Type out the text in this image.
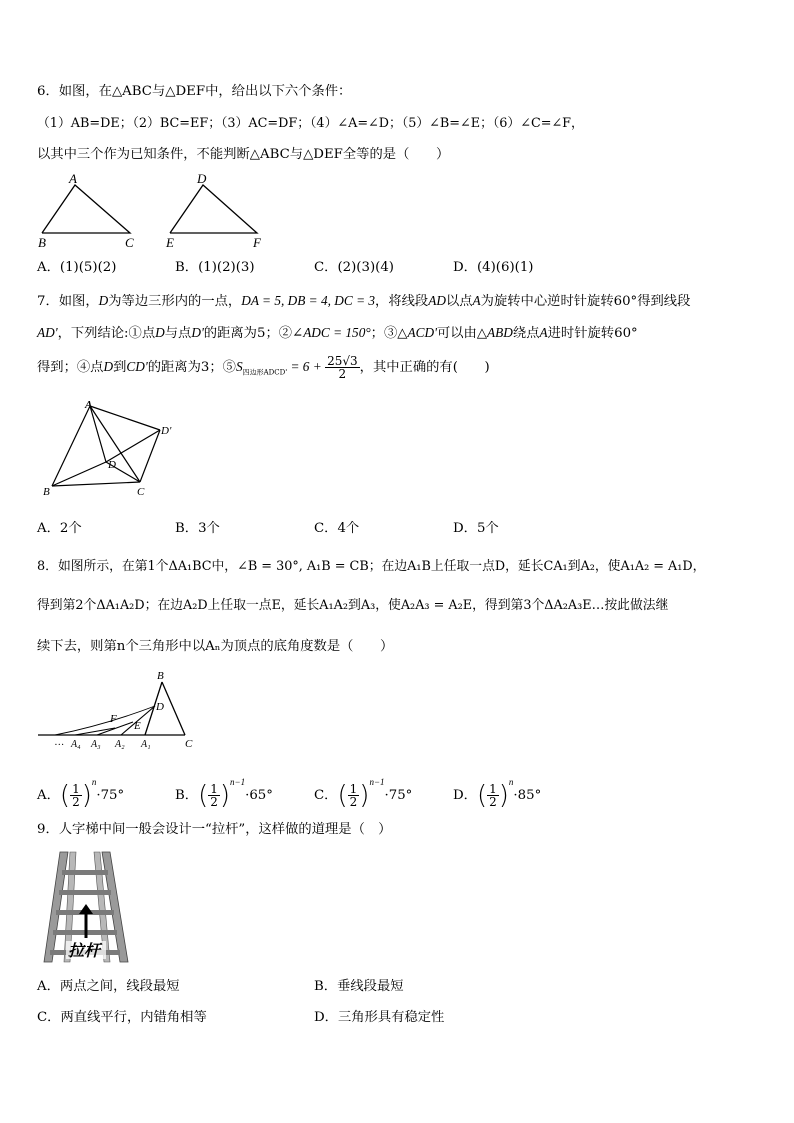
6．如图，在△ABC与△DEF中，给出以下六个条件：
（1）AB=DE；（2）BC=EF；（3）AC=DF；（4）∠A=∠D；（5）∠B=∠E；（6）∠C=∠F，
以其中三个作为已知条件，不能判断△ABC与△DEF全等的是（　　）
A
B	C
D
E	F
A．(1)(5)(2)	B．(1)(2)(3)	C．(2)(3)(4)	D．(4)(6)(1)
7．如图，D为等边三形内的一点，DA = 5, DB = 4, DC = 3，将线段AD以点A为旋转中心逆时针旋转60°得到线段
AD'，下列结论:①点D与点D'的距离为5；②∠ADC = 150°；③△ACD'可以由△ABD绕点A进时针旋转60°
得到；④点D到CD'的距离为3；$⑤S_{四边形ADCD'} = 6 + \frac{25√3}{2}$ ，其中正确的有(　　)
A
B	C
D
D'
A．2个	B．3个	C．4个	D．5个
8．如图所示，在第1个ΔA₁BC中，∠B = 30°, A₁B = CB；在边A₁B上任取一点D，延长CA₁到A₂，使A₁A₂ = A₁D，
得到第2个ΔA₁A₂D；在边A₂D上任取一点E，延长A₁A₂到A₃，使A₂A₃ = A₂E，得到第3个ΔA₂A₃E…按此做法继
续下去，则第n个三角形中以Aₙ为顶点的底角度数是（　　）
B
D
E
F
C
A₁
A₂
A₃
A₄
…
A．( $\frac{1}{2} )^n\cdot 75^\circ$	B．( $\frac{1}{2} )^{n-1}\cdot 65^\circ$	C．( $\frac{1}{2} )^{n-1}\cdot 75^\circ$	D．( $\frac{1}{2} )^n\cdot 85^\circ$
9．人字梯中间一般会设计一“拉杆”，这样做的道理是（　）
拉杆
A．两点之间，线段最短	B．垂线段最短
C．两直线平行，内错角相等	D．三角形具有稳定性
